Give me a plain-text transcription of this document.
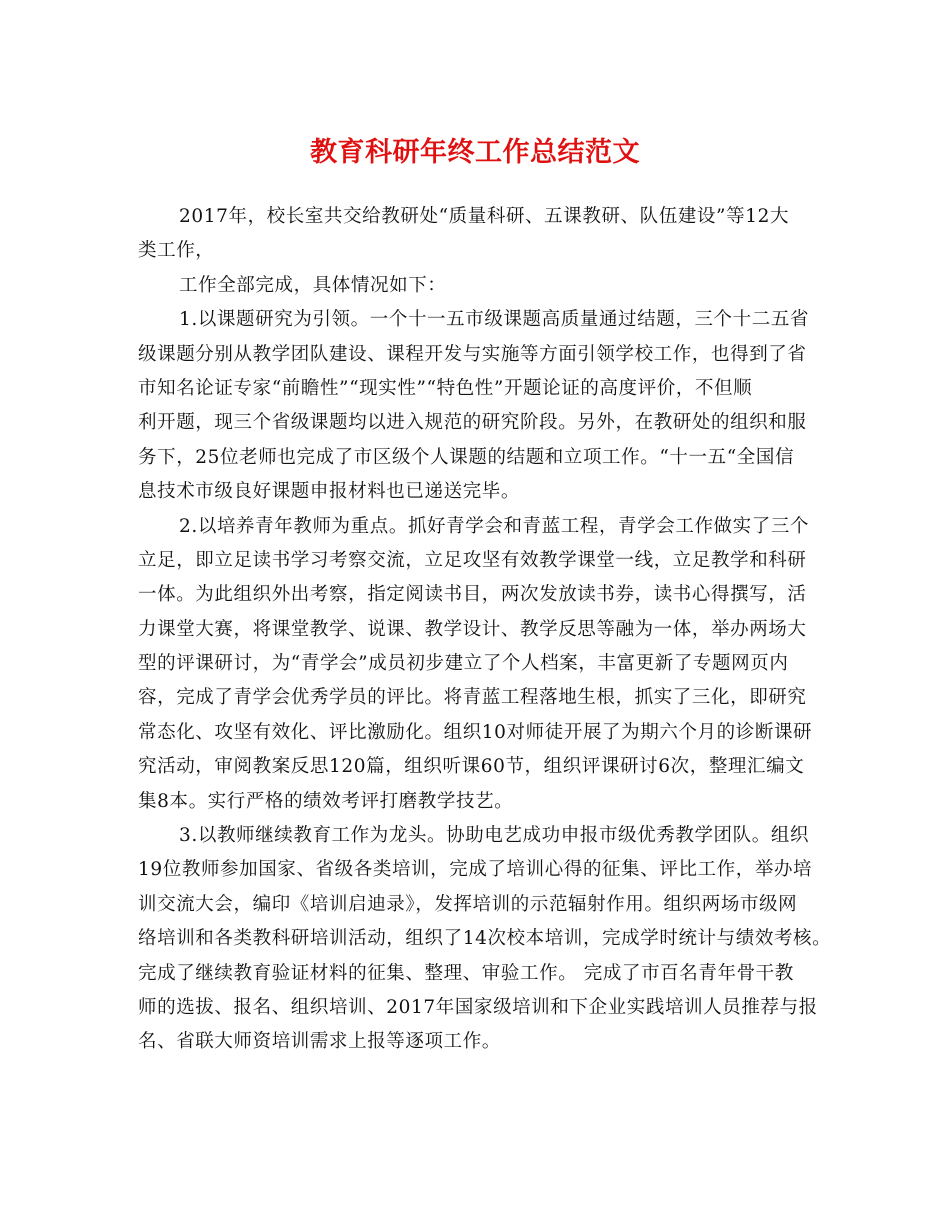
教育科研年终工作总结范文
2017年，校长室共交给教研处“质量科研、五课教研、队伍建设”等12大
类工作，
工作全部完成，具体情况如下：
1.以课题研究为引领。一个十一五市级课题高质量通过结题，三个十二五省
级课题分别从教学团队建设、课程开发与实施等方面引领学校工作，也得到了省
市知名论证专家“前瞻性”“现实性”“特色性”开题论证的高度评价，不但顺
利开题，现三个省级课题均以进入规范的研究阶段。另外，在教研处的组织和服
务下，25位老师也完成了市区级个人课题的结题和立项工作。“十一五“全国信
息技术市级良好课题申报材料也已递送完毕。
2.以培养青年教师为重点。抓好青学会和青蓝工程，青学会工作做实了三个
立足，即立足读书学习考察交流，立足攻坚有效教学课堂一线，立足教学和科研
一体。为此组织外出考察，指定阅读书目，两次发放读书券，读书心得撰写，活
力课堂大赛，将课堂教学、说课、教学设计、教学反思等融为一体，举办两场大
型的评课研讨，为“青学会”成员初步建立了个人档案，丰富更新了专题网页内
容，完成了青学会优秀学员的评比。将青蓝工程落地生根，抓实了三化，即研究
常态化、攻坚有效化、评比激励化。组织10对师徒开展了为期六个月的诊断课研
究活动，审阅教案反思120篇，组织听课60节，组织评课研讨6次，整理汇编文
集8本。实行严格的绩效考评打磨教学技艺。
3.以教师继续教育工作为龙头。协助电艺成功申报市级优秀教学团队。组织
19位教师参加国家、省级各类培训，完成了培训心得的征集、评比工作，举办培
训交流大会，编印《培训启迪录》，发挥培训的示范辐射作用。组织两场市级网
络培训和各类教科研培训活动，组织了14次校本培训，完成学时统计与绩效考核。
完成了继续教育验证材料的征集、整理、审验工作。 完成了市百名青年骨干教
师的选拔、报名、组织培训、2017年国家级培训和下企业实践培训人员推荐与报
名、省联大师资培训需求上报等逐项工作。
